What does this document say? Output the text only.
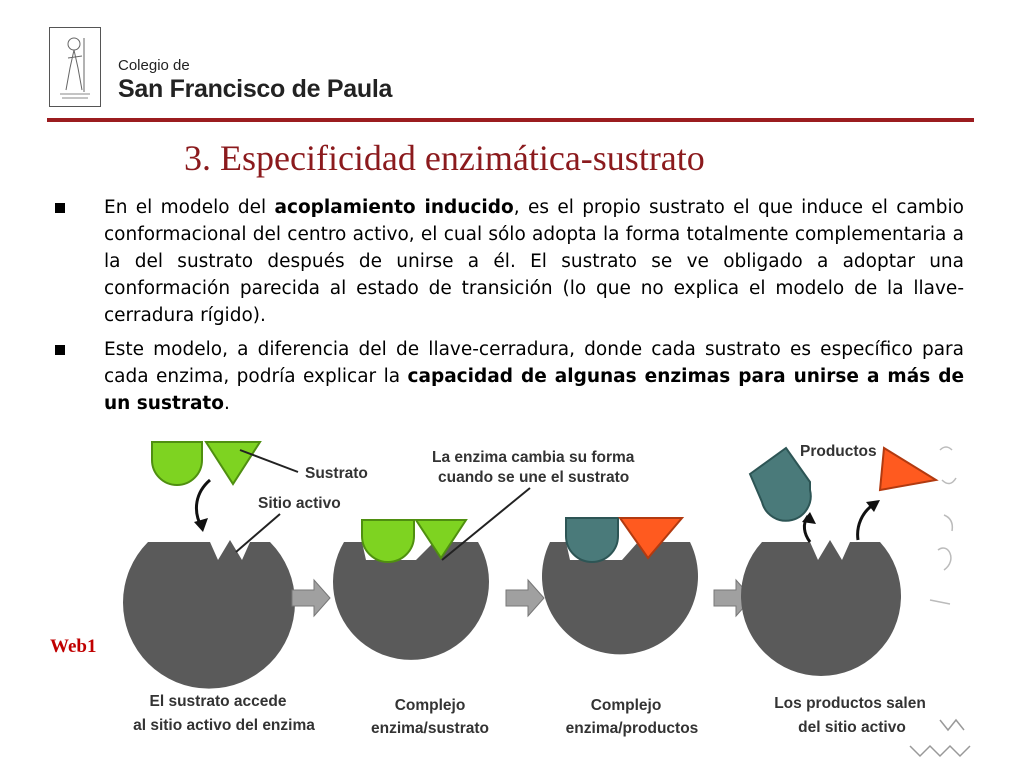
Colegio de
San Francisco de Paula
3. Especificidad enzimática-sustrato
En el modelo del acoplamiento inducido, es el propio sustrato el que induce el cambio conformacional del centro activo, el cual sólo adopta la forma totalmente complementaria a la del sustrato después de unirse a él. El sustrato se ve obligado a adoptar una conformación parecida al estado de transición (lo que no explica el modelo de la llave-cerradura rígido).
Este modelo, a diferencia del de llave-cerradura, donde cada sustrato es específico para cada enzima, podría explicar la capacidad de algunas enzimas para unirse a más de un sustrato.
Web1
Sustrato
Sitio activo
La enzima cambia su forma
cuando se une el sustrato
Productos
El sustrato accede
al sitio activo del enzima
Complejo
enzima/sustrato
Complejo
enzima/productos
Los productos salen
del sitio activo
